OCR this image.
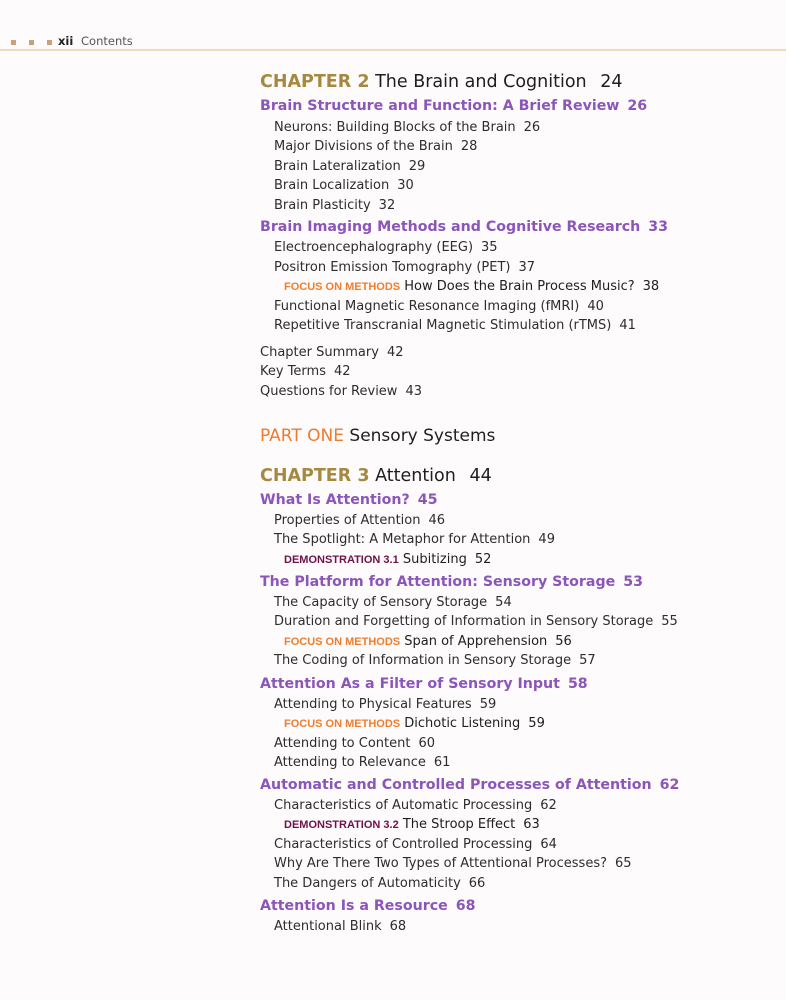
xii Contents
CHAPTER 2 The Brain and Cognition 24
Brain Structure and Function: A Brief Review 26
Neurons: Building Blocks of the Brain 26
Major Divisions of the Brain 28
Brain Lateralization 29
Brain Localization 30
Brain Plasticity 32
Brain Imaging Methods and Cognitive Research 33
Electroencephalography (EEG) 35
Positron Emission Tomography (PET) 37
FOCUS ON METHODS How Does the Brain Process Music? 38
Functional Magnetic Resonance Imaging (fMRI) 40
Repetitive Transcranial Magnetic Stimulation (rTMS) 41
Chapter Summary 42
Key Terms 42
Questions for Review 43
PART ONE Sensory Systems
CHAPTER 3 Attention 44
What Is Attention? 45
Properties of Attention 46
The Spotlight: A Metaphor for Attention 49
DEMONSTRATION 3.1 Subitizing 52
The Platform for Attention: Sensory Storage 53
The Capacity of Sensory Storage 54
Duration and Forgetting of Information in Sensory Storage 55
FOCUS ON METHODS Span of Apprehension 56
The Coding of Information in Sensory Storage 57
Attention As a Filter of Sensory Input 58
Attending to Physical Features 59
FOCUS ON METHODS Dichotic Listening 59
Attending to Content 60
Attending to Relevance 61
Automatic and Controlled Processes of Attention 62
Characteristics of Automatic Processing 62
DEMONSTRATION 3.2 The Stroop Effect 63
Characteristics of Controlled Processing 64
Why Are There Two Types of Attentional Processes? 65
The Dangers of Automaticity 66
Attention Is a Resource 68
Attentional Blink 68
